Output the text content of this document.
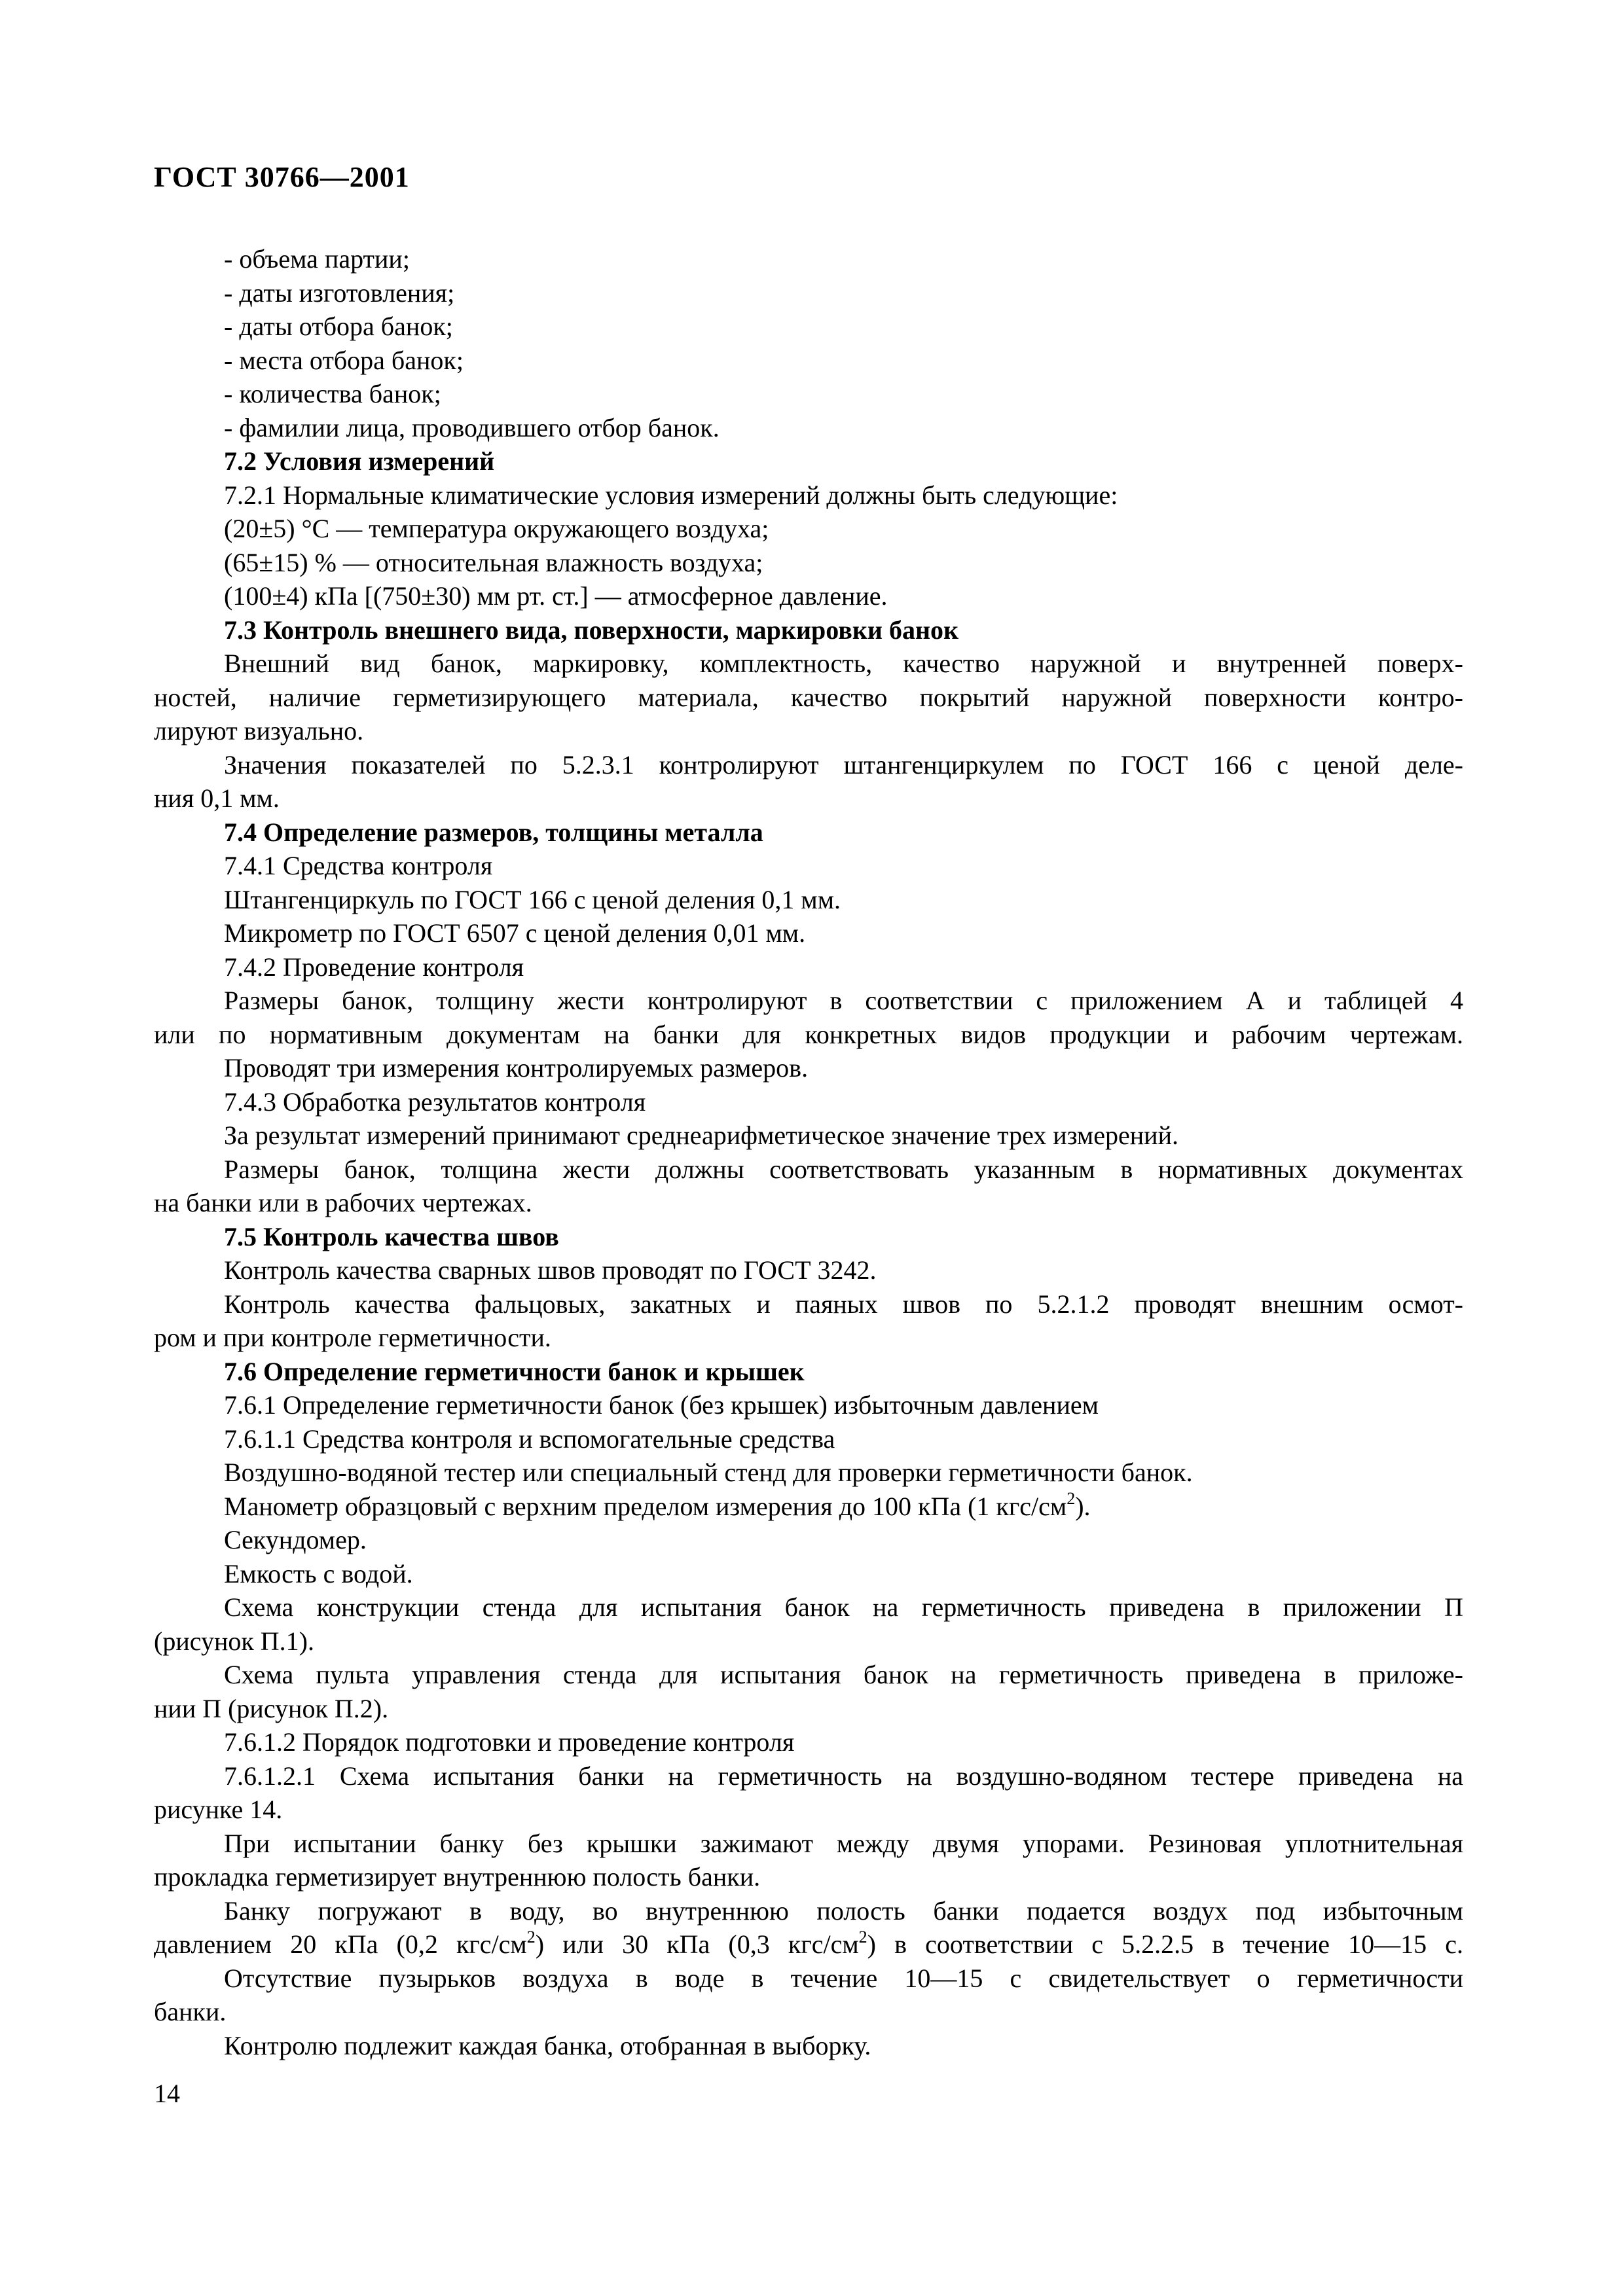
ГОСТ 30766—2001
- объема партии;
- даты изготовления;
- даты отбора банок;
- места отбора банок;
- количества банок;
- фамилии лица, проводившего отбор банок.
7.2 Условия измерений
7.2.1 Нормальные климатические условия измерений должны быть следующие:
(20±5) °С — температура окружающего воздуха;
(65±15) % — относительная влажность воздуха;
(100±4) кПа [(750±30) мм рт. ст.] — атмосферное давление.
7.3 Контроль внешнего вида, поверхности, маркировки банок
Внешний вид банок, маркировку, комплектность, качество наружной и внутренней поверх-
ностей, наличие герметизирующего материала, качество покрытий наружной поверхности контро-
лируют визуально.
Значения показателей по 5.2.3.1 контролируют штангенциркулем по ГОСТ 166 с ценой деле-
ния 0,1 мм.
7.4 Определение размеров, толщины металла
7.4.1 Средства контроля
Штангенциркуль по ГОСТ 166 с ценой деления 0,1 мм.
Микрометр по ГОСТ 6507 с ценой деления 0,01 мм.
7.4.2 Проведение контроля
Размеры банок, толщину жести контролируют в соответствии с приложением А и таблицей 4
или по нормативным документам на банки для конкретных видов продукции и рабочим чертежам.
Проводят три измерения контролируемых размеров.
7.4.3 Обработка результатов контроля
За результат измерений принимают среднеарифметическое значение трех измерений.
Размеры банок, толщина жести должны соответствовать указанным в нормативных документах
на банки или в рабочих чертежах.
7.5 Контроль качества швов
Контроль качества сварных швов проводят по ГОСТ 3242.
Контроль качества фальцовых, закатных и паяных швов по 5.2.1.2 проводят внешним осмот-
ром и при контроле герметичности.
7.6 Определение герметичности банок и крышек
7.6.1 Определение герметичности банок (без крышек) избыточным давлением
7.6.1.1 Средства контроля и вспомогательные средства
Воздушно-водяной тестер или специальный стенд для проверки герметичности банок.
Манометр образцовый с верхним пределом измерения до 100 кПа (1 кгс/$см^2$).
Секундомер.
Емкость с водой.
Схема конструкции стенда для испытания банок на герметичность приведена в приложении П
(рисунок П.1).
Схема пульта управления стенда для испытания банок на герметичность приведена в приложе-
нии П (рисунок П.2).
7.6.1.2 Порядок подготовки и проведение контроля
7.6.1.2.1 Схема испытания банки на герметичность на воздушно-водяном тестере приведена на
рисунке 14.
При испытании банку без крышки зажимают между двумя упорами. Резиновая уплотнительная
прокладка герметизирует внутреннюю полость банки.
Банку погружают в воду, во внутреннюю полость банки подается воздух под избыточным
давлением 20 кПа (0,2 кгс/$см^2$) или 30 кПа (0,3 кгс/$см^2$) в соответствии с 5.2.2.5 в течение 10—15 с.
Отсутствие пузырьков воздуха в воде в течение 10—15 с свидетельствует о герметичности
банки.
Контролю подлежит каждая банка, отобранная в выборку.
14
